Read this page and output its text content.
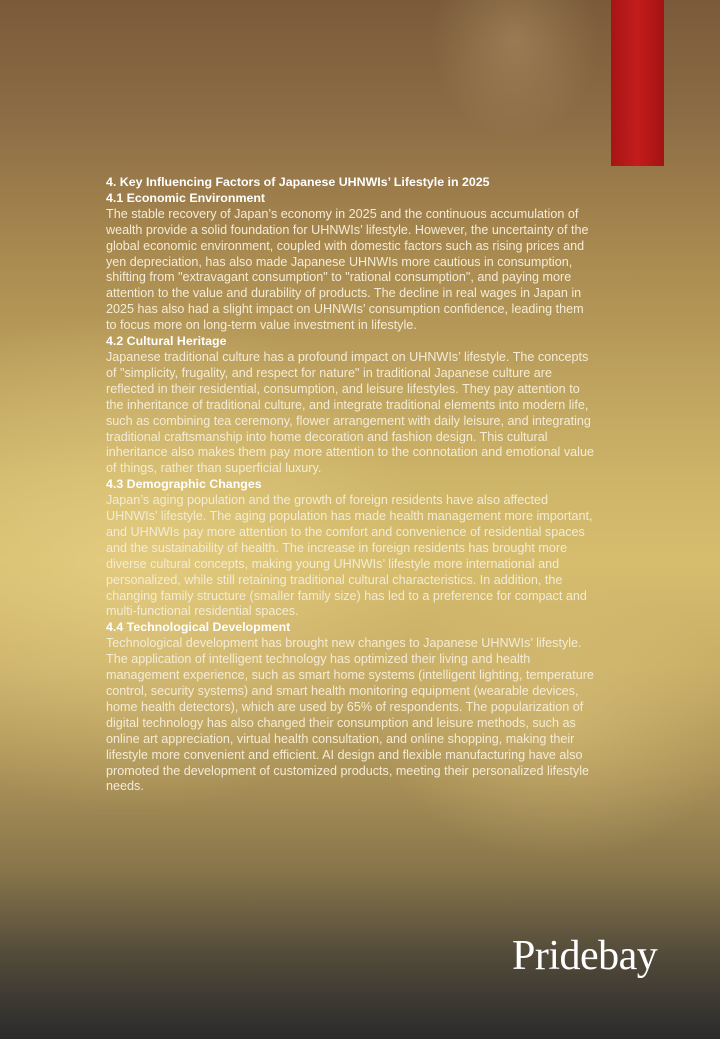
4. Key Influencing Factors of Japanese UHNWIs’ Lifestyle in 2025
4.1 Economic Environment

The stable recovery of Japan’s economy in 2025 and the continuous accumulation of wealth provide a solid foundation for UHNWIs’ lifestyle. However, the uncertainty of the global economic environment, coupled with domestic factors such as rising prices and yen depreciation, has also made Japanese UHNWIs more cautious in consumption, shifting from "extravagant consumption" to "rational consumption", and paying more attention to the value and durability of products. The decline in real wages in Japan in 2025 has also had a slight impact on UHNWIs’ consumption confidence, leading them to focus more on long-term value investment in lifestyle.

4.2 Cultural Heritage

Japanese traditional culture has a profound impact on UHNWIs’ lifestyle. The concepts of "simplicity, frugality, and respect for nature" in traditional Japanese culture are reflected in their residential, consumption, and leisure lifestyles. They pay attention to the inheritance of traditional culture, and integrate traditional elements into modern life, such as combining tea ceremony, flower arrangement with daily leisure, and integrating traditional craftsmanship into home decoration and fashion design. This cultural inheritance also makes them pay more attention to the connotation and emotional value of things, rather than superficial luxury.

4.3 Demographic Changes

Japan’s aging population and the growth of foreign residents have also affected UHNWIs’ lifestyle. The aging population has made health management more important, and UHNWIs pay more attention to the comfort and convenience of residential spaces and the sustainability of health. The increase in foreign residents has brought more diverse cultural concepts, making young UHNWIs’ lifestyle more international and personalized, while still retaining traditional cultural characteristics. In addition, the changing family structure (smaller family size) has led to a preference for compact and multi-functional residential spaces.

4.4 Technological Development

Technological development has brought new changes to Japanese UHNWIs’ lifestyle. The application of intelligent technology has optimized their living and health management experience, such as smart home systems (intelligent lighting, temperature control, security systems) and smart health monitoring equipment (wearable devices, home health detectors), which are used by 65% of respondents. The popularization of digital technology has also changed their consumption and leisure methods, such as online art appreciation, virtual health consultation, and online shopping, making their lifestyle more convenient and efficient. AI design and flexible manufacturing have also promoted the development of customized products, meeting their personalized lifestyle needs.

Pridebay
